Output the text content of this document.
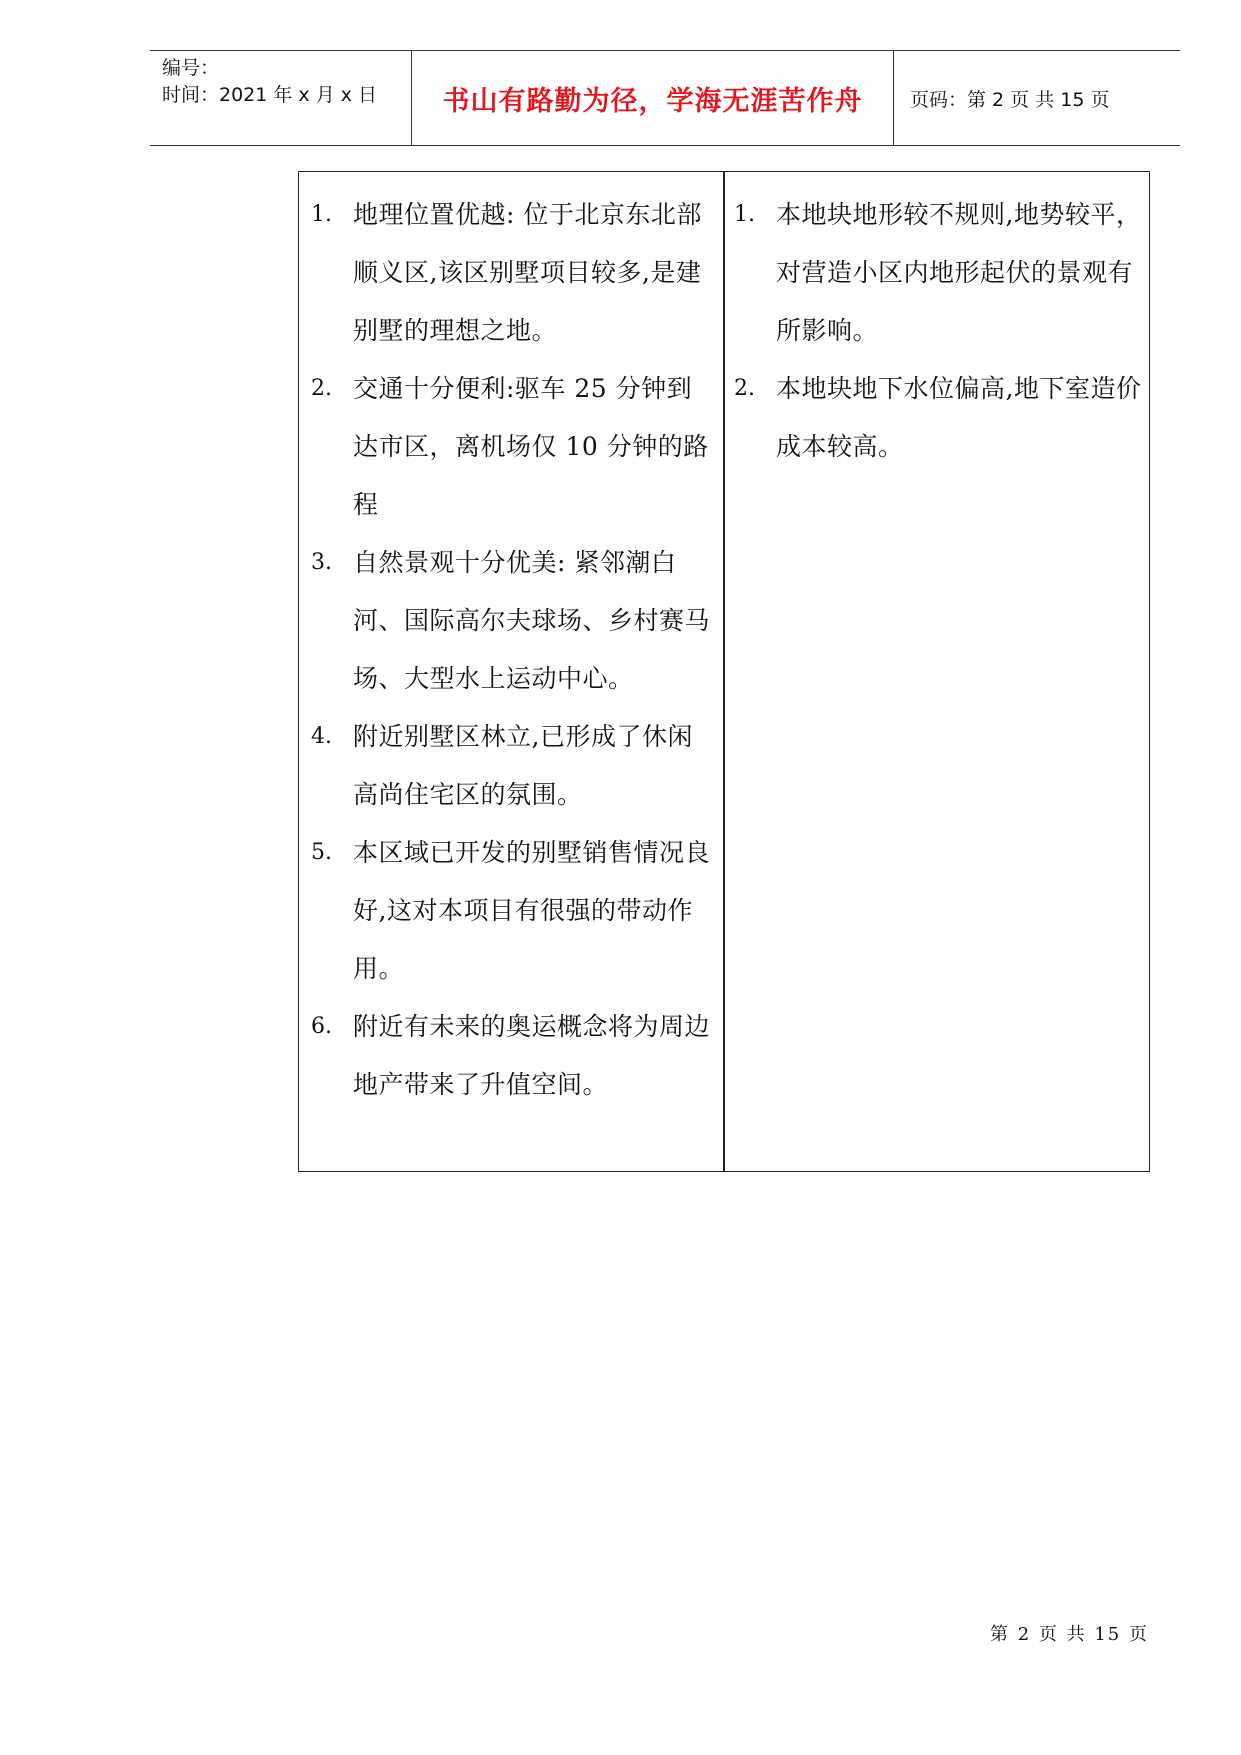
编号：
时间：2021 年 x 月 x 日	书山有路勤为径，学海无涯苦作舟	页码：第 2 页 共 15 页
1. 地理位置优越: 位于北京东北部顺义区,该区别墅项目较多,是建别墅的理想之地。
2. 交通十分便利:驱车 25 分钟到达市区，离机场仅 10 分钟的路程
3. 自然景观十分优美: 紧邻潮白河、国际高尔夫球场、乡村赛马场、大型水上运动中心。
4. 附近别墅区林立,已形成了休闲高尚住宅区的氛围。
5. 本区域已开发的别墅销售情况良好,这对本项目有很强的带动作用。
6. 附近有未来的奥运概念将为周边地产带来了升值空间。
1. 本地块地形较不规则,地势较平，对营造小区内地形起伏的景观有所影响。
2. 本地块地下水位偏高,地下室造价成本较高。
第 2 页 共 15 页
